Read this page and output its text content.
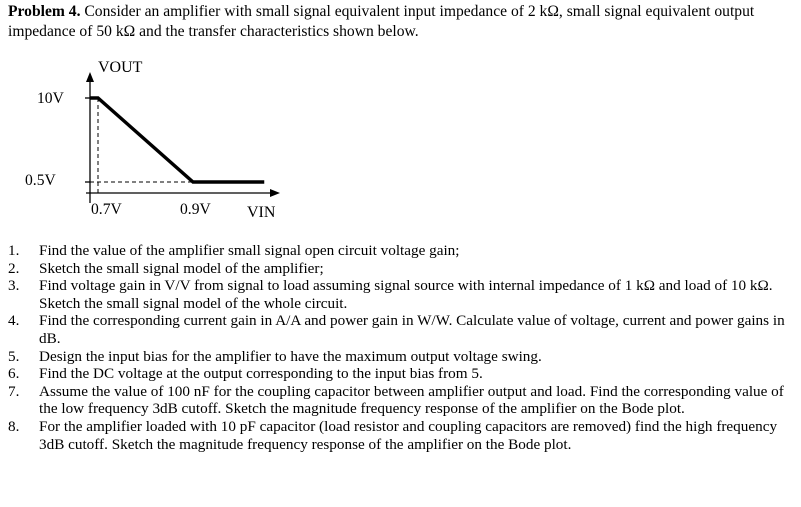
Problem 4. Consider an amplifier with small signal equivalent input impedance of 2 kΩ, small signal equivalent output impedance of 50 kΩ and the transfer characteristics shown below.

VOUT
VIN
10V
0.5V
0.7V	0.9V
1. Find the value of the amplifier small signal open circuit voltage gain;
2. Sketch the small signal model of the amplifier;
3. Find voltage gain in V/V from signal to load assuming signal source with internal impedance of 1 kΩ and load of 10 kΩ. Sketch the small signal model of the whole circuit.
4. Find the corresponding current gain in A/A and power gain in W/W. Calculate value of voltage, current and power gains in dB.
5. Design the input bias for the amplifier to have the maximum output voltage swing.
6. Find the DC voltage at the output corresponding to the input bias from 5.
7. Assume the value of 100 nF for the coupling capacitor between amplifier output and load. Find the corresponding value of the low frequency 3dB cutoff. Sketch the magnitude frequency response of the amplifier on the Bode plot.
8. For the amplifier loaded with 10 pF capacitor (load resistor and coupling capacitors are removed) find the high frequency 3dB cutoff. Sketch the magnitude frequency response of the amplifier on the Bode plot.
